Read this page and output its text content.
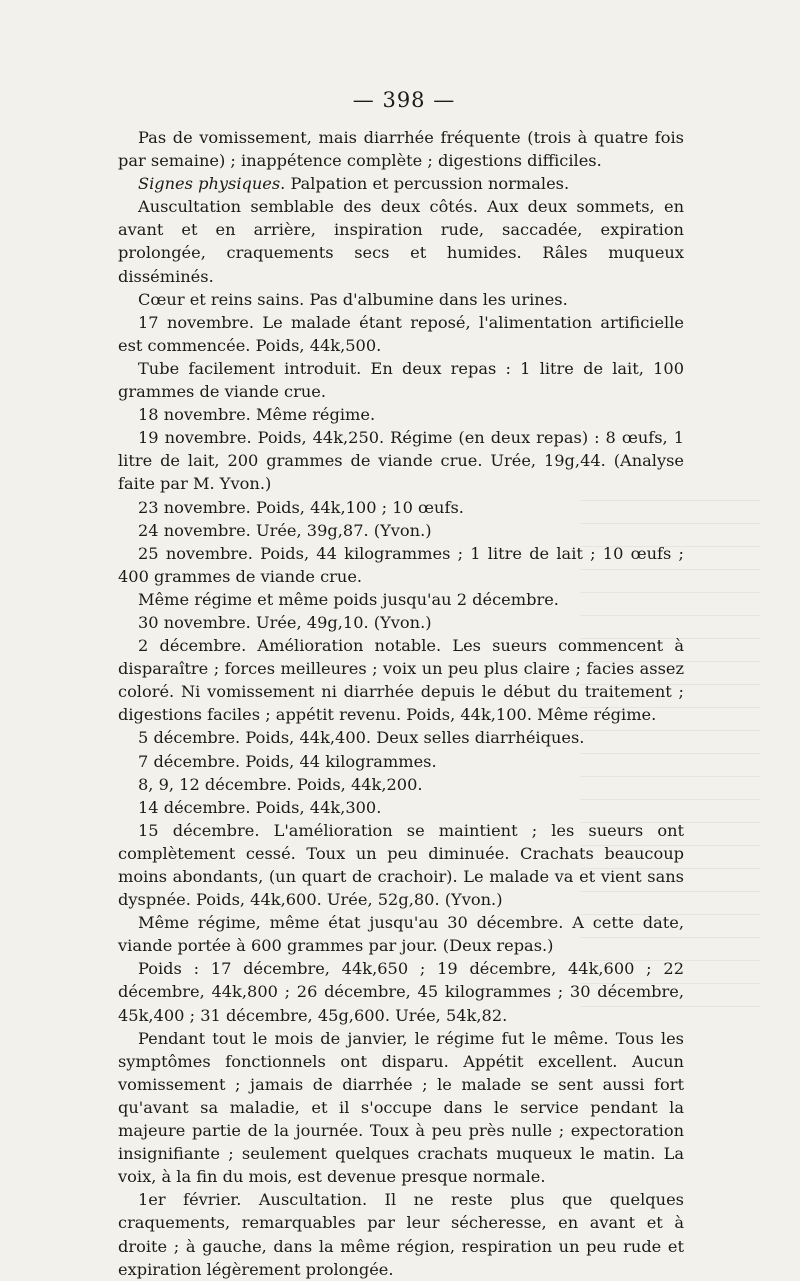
— 398 —

Pas de vomissement, mais diarrhée fréquente (trois à quatre fois par semaine) ; inappétence complète ; digestions difficiles.

Signes physiques. Palpation et percussion normales.

Auscultation semblable des deux côtés. Aux deux sommets, en avant et en arrière, inspiration rude, saccadée, expiration prolongée, craquements secs et humides. Râles muqueux disséminés.

Cœur et reins sains. Pas d'albumine dans les urines.

17 novembre. Le malade étant reposé, l'alimentation artificielle est commencée. Poids, 44k,500.

Tube facilement introduit. En deux repas : 1 litre de lait, 100 grammes de viande crue.

18 novembre. Même régime.

19 novembre. Poids, 44k,250. Régime (en deux repas) : 8 œufs, 1 litre de lait, 200 grammes de viande crue. Urée, 19g,44. (Analyse faite par M. Yvon.)

23 novembre. Poids, 44k,100 ; 10 œufs.

24 novembre. Urée, 39g,87. (Yvon.)

25 novembre. Poids, 44 kilogrammes ; 1 litre de lait ; 10 œufs ; 400 grammes de viande crue.

Même régime et même poids jusqu'au 2 décembre.

30 novembre. Urée, 49g,10. (Yvon.)

2 décembre. Amélioration notable. Les sueurs commencent à disparaître ; forces meilleures ; voix un peu plus claire ; facies assez coloré. Ni vomissement ni diarrhée depuis le début du traitement ; digestions faciles ; appétit revenu. Poids, 44k,100. Même régime.

5 décembre. Poids, 44k,400. Deux selles diarrhéiques.

7 décembre. Poids, 44 kilogrammes.

8, 9, 12 décembre. Poids, 44k,200.

14 décembre. Poids, 44k,300.

15 décembre. L'amélioration se maintient ; les sueurs ont complètement cessé. Toux un peu diminuée. Crachats beaucoup moins abondants, (un quart de crachoir). Le malade va et vient sans dyspnée. Poids, 44k,600. Urée, 52g,80. (Yvon.)

Même régime, même état jusqu'au 30 décembre. A cette date, viande portée à 600 grammes par jour. (Deux repas.)

Poids : 17 décembre, 44k,650 ; 19 décembre, 44k,600 ; 22 décembre, 44k,800 ; 26 décembre, 45 kilogrammes ; 30 décembre, 45k,400 ; 31 décembre, 45g,600. Urée, 54k,82.

Pendant tout le mois de janvier, le régime fut le même. Tous les symptômes fonctionnels ont disparu. Appétit excellent. Aucun vomissement ; jamais de diarrhée ; le malade se sent aussi fort qu'avant sa maladie, et il s'occupe dans le service pendant la majeure partie de la journée. Toux à peu près nulle ; expectoration insignifiante ; seulement quelques crachats muqueux le matin. La voix, à la fin du mois, est devenue presque normale.

1er février. Auscultation. Il ne reste plus que quelques craquements, remarquables par leur sécheresse, en avant et à droite ; à gauche, dans la même région, respiration un peu rude et expiration légèrement prolongée.
